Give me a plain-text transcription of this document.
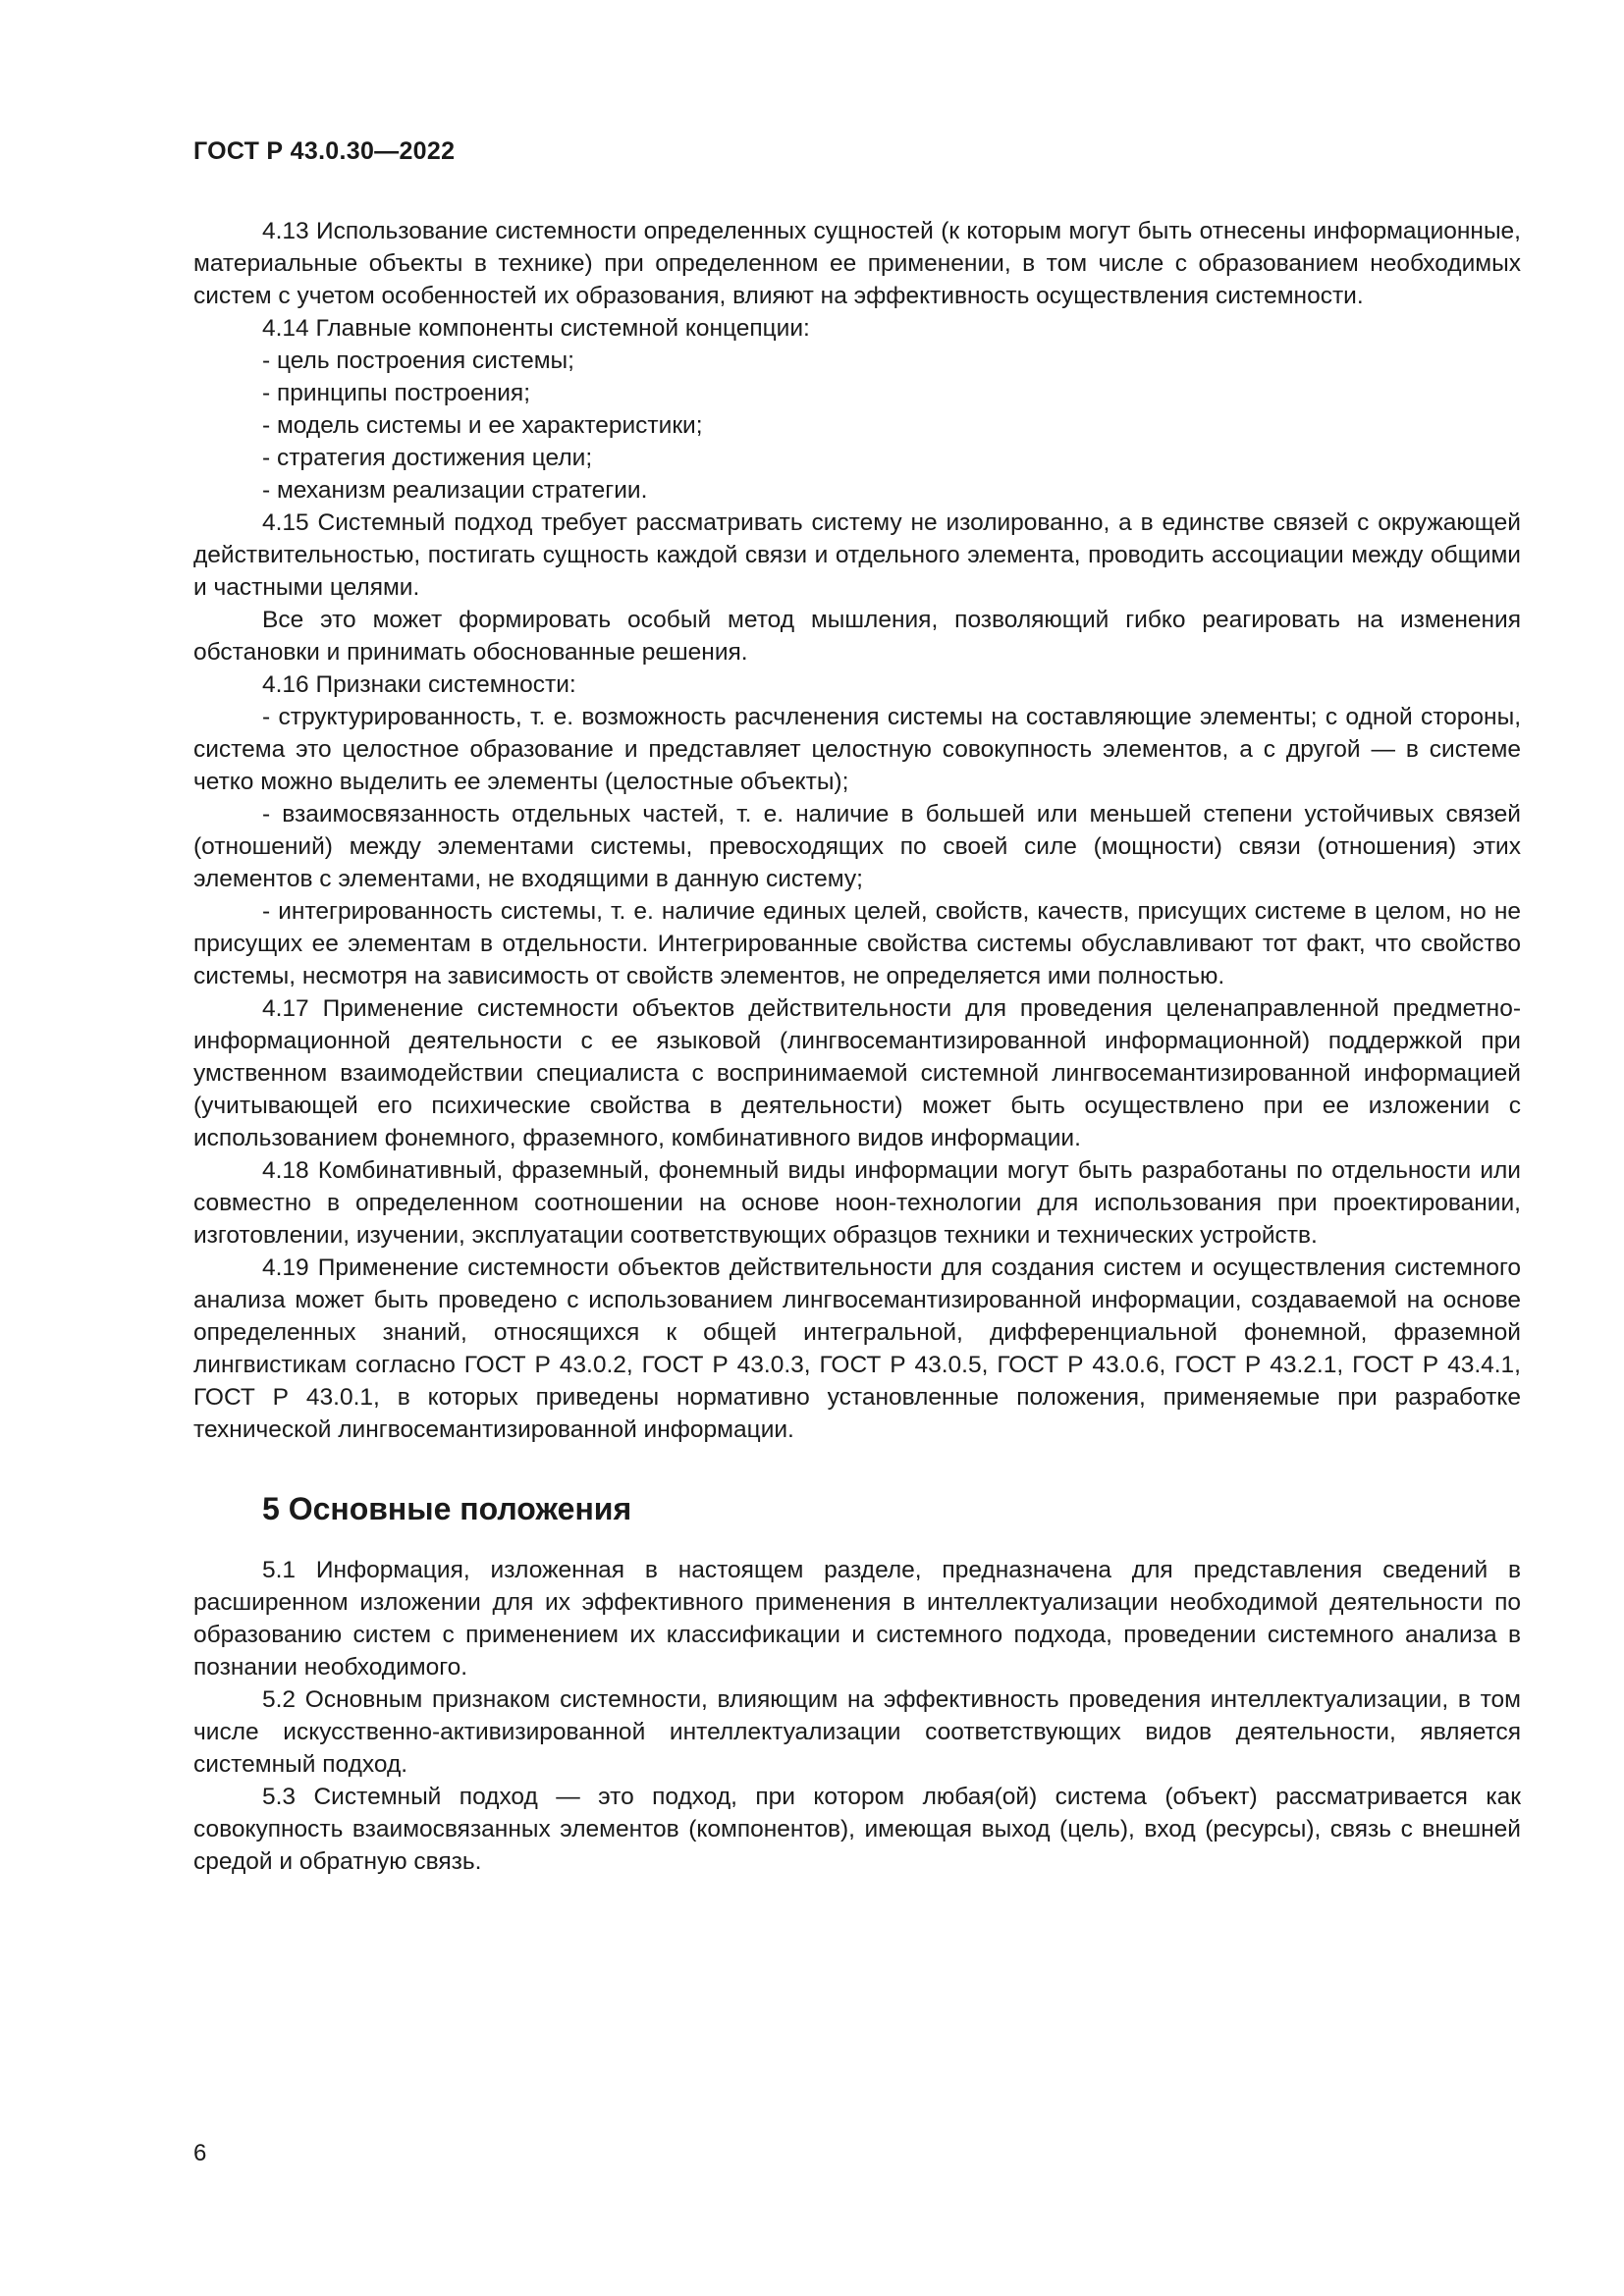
ГОСТ Р 43.0.30—2022

4.13 Использование системности определенных сущностей (к которым могут быть отнесены информационные, материальные объекты в технике) при определенном ее применении, в том числе с образованием необходимых систем с учетом особенностей их образования, влияют на эффективность осуществления системности.

4.14 Главные компоненты системной концепции:

- цель построения системы;

- принципы построения;

- модель системы и ее характеристики;

- стратегия достижения цели;

- механизм реализации стратегии.

4.15 Системный подход требует рассматривать систему не изолированно, а в единстве связей с окружающей действительностью, постигать сущность каждой связи и отдельного элемента, проводить ассоциации между общими и частными целями.

Все это может формировать особый метод мышления, позволяющий гибко реагировать на изменения обстановки и принимать обоснованные решения.

4.16 Признаки системности:

- структурированность, т. е. возможность расчленения системы на составляющие элементы; с одной стороны, система это целостное образование и представляет целостную совокупность элементов, а с другой — в системе четко можно выделить ее элементы (целостные объекты);

- взаимосвязанность отдельных частей, т. е. наличие в большей или меньшей степени устойчивых связей (отношений) между элементами системы, превосходящих по своей силе (мощности) связи (отношения) этих элементов с элементами, не входящими в данную систему;

- интегрированность системы, т. е. наличие единых целей, свойств, качеств, присущих системе в целом, но не присущих ее элементам в отдельности. Интегрированные свойства системы обуславливают тот факт, что свойство системы, несмотря на зависимость от свойств элементов, не определяется ими полностью.

4.17 Применение системности объектов действительности для проведения целенаправленной предметно-информационной деятельности с ее языковой (лингвосемантизированной информационной) поддержкой при умственном взаимодействии специалиста с воспринимаемой системной лингвосемантизированной информацией (учитывающей его психические свойства в деятельности) может быть осуществлено при ее изложении с использованием фонемного, фраземного, комбинативного видов информации.

4.18 Комбинативный, фраземный, фонемный виды информации могут быть разработаны по отдельности или совместно в определенном соотношении на основе ноон-технологии для использования при проектировании, изготовлении, изучении, эксплуатации соответствующих образцов техники и технических устройств.

4.19 Применение системности объектов действительности для создания систем и осуществления системного анализа может быть проведено с использованием лингвосемантизированной информации, создаваемой на основе определенных знаний, относящихся к общей интегральной, дифференциальной фонемной, фраземной лингвистикам согласно ГОСТ Р 43.0.2, ГОСТ Р 43.0.3, ГОСТ Р 43.0.5, ГОСТ Р 43.0.6, ГОСТ Р 43.2.1, ГОСТ Р 43.4.1, ГОСТ Р 43.0.1, в которых приведены нормативно установленные положения, применяемые при разработке технической лингвосемантизированной информации.

5 Основные положения

5.1 Информация, изложенная в настоящем разделе, предназначена для представления сведений в расширенном изложении для их эффективного применения в интеллектуализации необходимой деятельности по образованию систем с применением их классификации и системного подхода, проведении системного анализа в познании необходимого.

5.2 Основным признаком системности, влияющим на эффективность проведения интеллектуализации, в том числе искусственно-активизированной интеллектуализации соответствующих видов деятельности, является системный подход.

5.3 Системный подход — это подход, при котором любая(ой) система (объект) рассматривается как совокупность взаимосвязанных элементов (компонентов), имеющая выход (цель), вход (ресурсы), связь с внешней средой и обратную связь.

6
